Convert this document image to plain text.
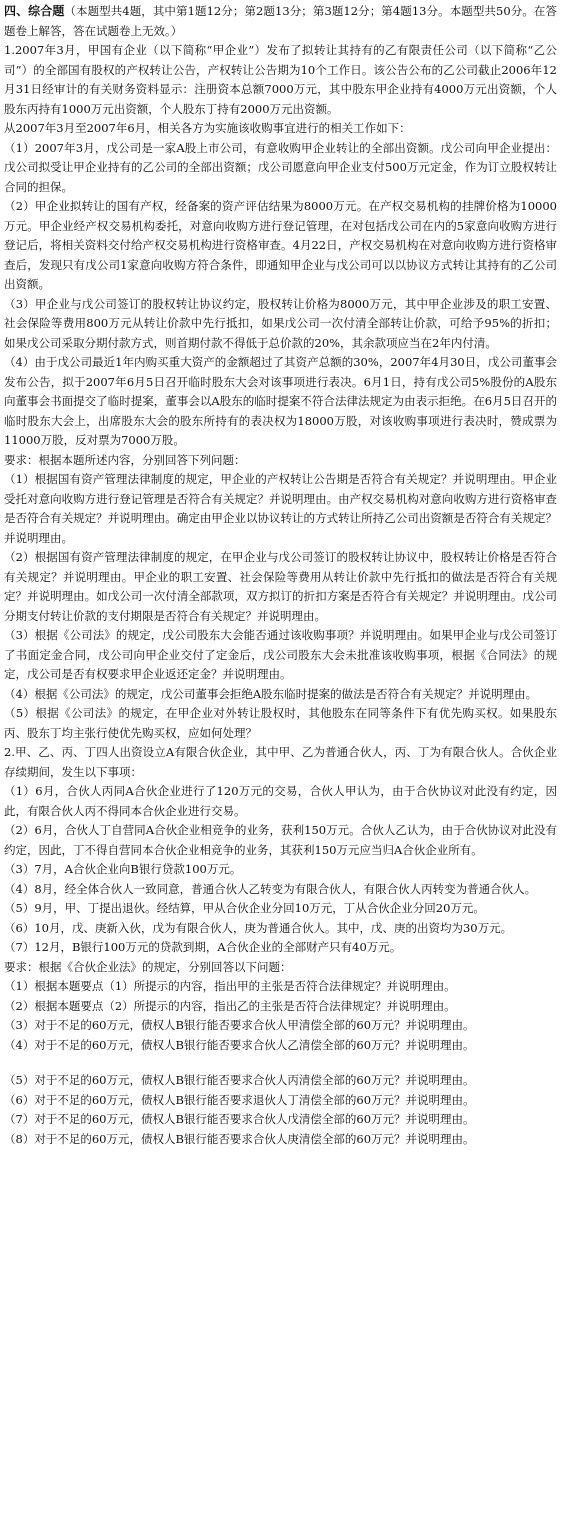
四、综合题（本题型共4题，其中第1题12分；第2题13分；第3题12分；第4题13分。本题型共50分。在答题卷上解答，答在试题卷上无效。）

1.2007年3月，甲国有企业（以下简称“甲企业”）发布了拟转让其持有的乙有限责任公司（以下简称“乙公司”）的全部国有股权的产权转让公告，产权转让公告期为10个工作日。该公告公布的乙公司截止2006年12月31日经审计的有关财务资料显示：注册资本总额7000万元，其中股东甲企业持有4000万元出资额，个人股东丙持有1000万元出资额，个人股东丁持有2000万元出资额。

从2007年3月至2007年6月，相关各方为实施该收购事宜进行的相关工作如下：

（1）2007年3月，戊公司是一家A股上市公司，有意收购甲企业转让的全部出资额。戊公司向甲企业提出：戊公司拟受让甲企业持有的乙公司的全部出资额；戊公司愿意向甲企业支付500万元定金，作为订立股权转让合同的担保。

（2）甲企业拟转让的国有产权，经备案的资产评估结果为8000万元。在产权交易机构的挂牌价格为10000万元。甲企业经产权交易机构委托，对意向收购方进行登记管理，在对包括戊公司在内的5家意向收购方进行登记后，将相关资料交付给产权交易机构进行资格审查。4月22日，产权交易机构在对意向收购方进行资格审查后，发现只有戊公司1家意向收购方符合条件，即通知甲企业与戊公司可以以协议方式转让其持有的乙公司出资额。

（3）甲企业与戊公司签订的股权转让协议约定，股权转让价格为8000万元，其中甲企业涉及的职工安置、社会保险等费用800万元从转让价款中先行抵扣，如果戊公司一次付清全部转让价款，可给予95%的折扣；如果戊公司采取分期付款方式，则首期付款不得低于总价款的20%，其余款项应当在2年内付清。

（4）由于戊公司最近1年内购买重大资产的金额超过了其资产总额的30%，2007年4月30日，戊公司董事会发布公告，拟于2007年6月5日召开临时股东大会对该事项进行表决。6月1日，持有戊公司5%股份的A股东向董事会书面提交了临时提案，董事会以A股东的临时提案不符合法律法规定为由表示拒绝。在6月5日召开的临时股东大会上，出席股东大会的股东所持有的表决权为18000万股，对该收购事项进行表决时，赞成票为11000万股，反对票为7000万股。

要求：根据本题所述内容，分别回答下列问题：

（1）根据国有资产管理法律制度的规定，甲企业的产权转让公告期是否符合有关规定？并说明理由。甲企业受托对意向收购方进行登记管理是否符合有关规定？并说明理由。由产权交易机构对意向收购方进行资格审查是否符合有关规定？并说明理由。确定由甲企业以协议转让的方式转让所持乙公司出资额是否符合有关规定？并说明理由。

（2）根据国有资产管理法律制度的规定，在甲企业与戊公司签订的股权转让协议中，股权转让价格是否符合有关规定？并说明理由。甲企业的职工安置、社会保险等费用从转让价款中先行抵扣的做法是否符合有关规定？并说明理由。如戊公司一次付清全部款项，双方拟订的折扣方案是否符合有关规定？并说明理由。戊公司分期支付转让价款的支付期限是否符合有关规定？并说明理由。

（3）根据《公司法》的规定，戊公司股东大会能否通过该收购事项？并说明理由。如果甲企业与戊公司签订了书面定金合同，戊公司向甲企业交付了定金后，戊公司股东大会未批准该收购事项，根据《合同法》的规定，戊公司是否有权要求甲企业返还定金？并说明理由。

（4）根据《公司法》的规定，戊公司董事会拒绝A股东临时提案的做法是否符合有关规定？并说明理由。

（5）根据《公司法》的规定，在甲企业对外转让股权时，其他股东在同等条件下有优先购买权。如果股东丙、股东丁均主张行使优先购买权，应如何处理？

2.甲、乙、丙、丁四人出资设立A有限合伙企业，其中甲、乙为普通合伙人，丙、丁为有限合伙人。合伙企业存续期间，发生以下事项：

（1）6月，合伙人丙同A合伙企业进行了120万元的交易，合伙人甲认为，由于合伙协议对此没有约定，因此，有限合伙人丙不得同本合伙企业进行交易。

（2）6月，合伙人丁自营同A合伙企业相竞争的业务，获利150万元。合伙人乙认为，由于合伙协议对此没有约定，因此，丁不得自营同本合伙企业相竞争的业务，其获利150万元应当归A合伙企业所有。

（3）7月，A合伙企业向B银行贷款100万元。

（4）8月，经全体合伙人一致同意，普通合伙人乙转变为有限合伙人，有限合伙人丙转变为普通合伙人。

（5）9月，甲、丁提出退伙。经结算，甲从合伙企业分回10万元，丁从合伙企业分回20万元。

（6）10月，戊、庚新入伙，戊为有限合伙人，庚为普通合伙人。其中，戊、庚的出资均为30万元。

（7）12月，B银行100万元的贷款到期，A合伙企业的全部财产只有40万元。

要求：根据《合伙企业法》的规定，分别回答以下问题：

（1）根据本题要点（1）所提示的内容，指出甲的主张是否符合法律规定？并说明理由。

（2）根据本题要点（2）所提示的内容，指出乙的主张是否符合法律规定？并说明理由。

（3）对于不足的60万元，债权人B银行能否要求合伙人甲清偿全部的60万元？并说明理由。

（4）对于不足的60万元，债权人B银行能否要求合伙人乙清偿全部的60万元？并说明理由。

（5）对于不足的60万元，债权人B银行能否要求合伙人丙清偿全部的60万元？并说明理由。

（6）对于不足的60万元，债权人B银行能否要求退伙人丁清偿全部的60万元？并说明理由。

（7）对于不足的60万元，债权人B银行能否要求合伙人戊清偿全部的60万元？并说明理由。

（8）对于不足的60万元，债权人B银行能否要求合伙人庚清偿全部的60万元？并说明理由。
